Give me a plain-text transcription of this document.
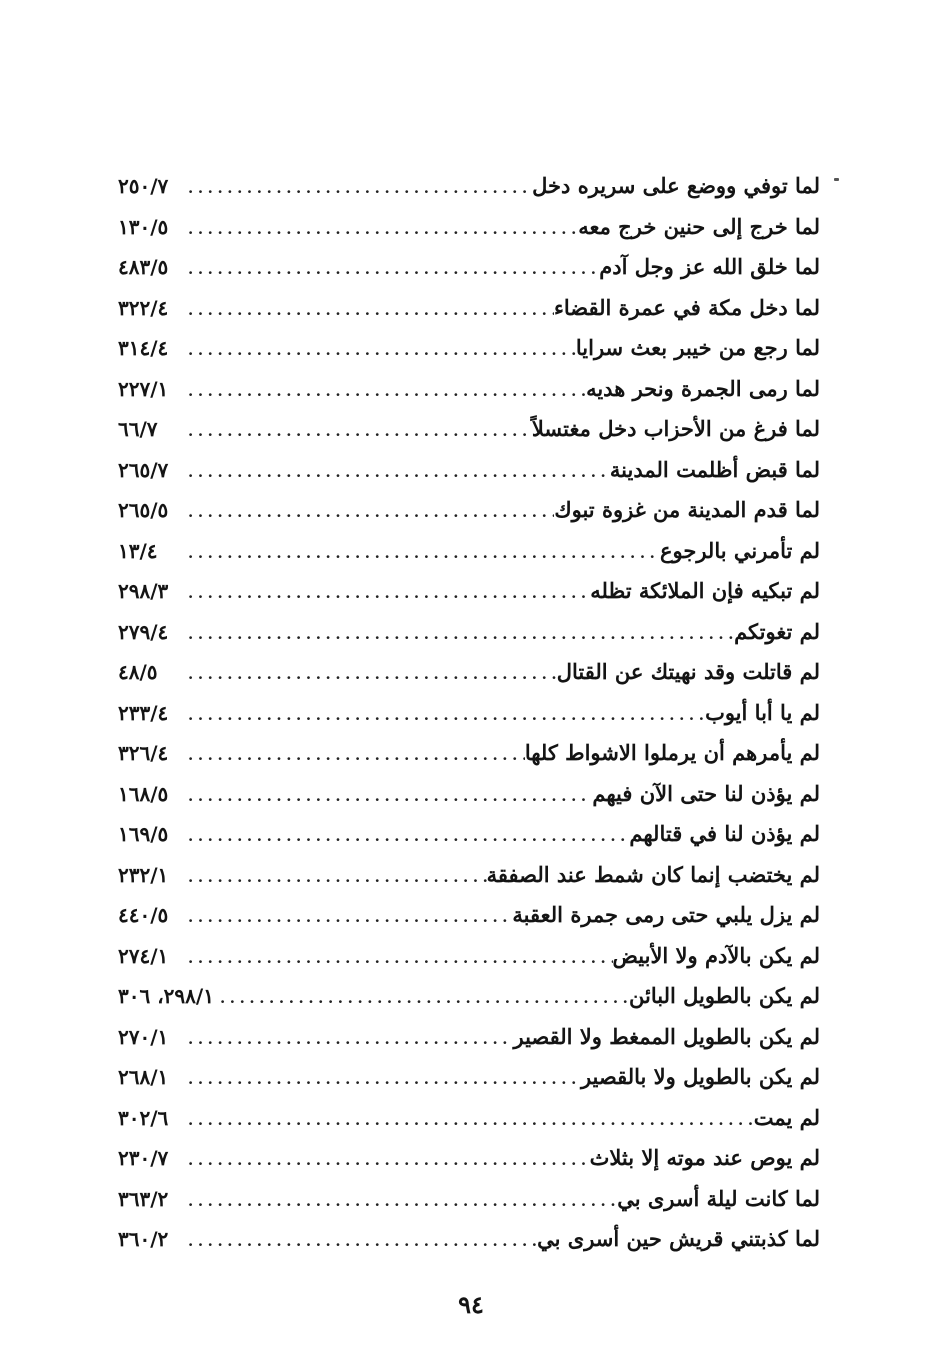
لما توفي ووضع على سريره دخل
.....
٢٥٠/٧
لما خرج إلى حنين خرج معه
.....
١٣٠/٥
لما خلق الله عز وجل آدم
.....
٤٨٣/٥
لما دخل مكة في عمرة القضاء
.....
٣٢٢/٤
لما رجع من خيبر بعث سرايا
.....
٣١٤/٤
لما رمى الجمرة ونحر هديه
.....
٢٢٧/١
لما فرغ من الأحزاب دخل مغتسلاً
.....
٦٦/٧
لما قبض أظلمت المدينة
.....
٢٦٥/٧
لما قدم المدينة من غزوة تبوك
.....
٢٦٥/٥
لم تأمرني بالرجوع
.....
١٣/٤
لم تبكيه فإن الملائكة تظله
.....
٢٩٨/٣
لم تغوتكم
.....
٢٧٩/٤
لم قاتلت وقد نهيتك عن القتال
.....
٤٨/٥
لم يا أبا أيوب
.....
٢٣٣/٤
لم يأمرهم أن يرملوا الاشواط كلها
.....
٣٢٦/٤
لم يؤذن لنا حتى الآن فيهم
.....
١٦٨/٥
لم يؤذن لنا في قتالهم
.....
١٦٩/٥
لم يختضب إنما كان شمط عند الصفقة
.....
٢٣٢/١
لم يزل يلبي حتى رمى جمرة العقبة
.....
٤٤٠/٥
لم يكن بالآدم ولا الأبيض
.....
٢٧٤/١
لم يكن بالطويل البائن
.....
٢٩٨/١، ٣٠٦
لم يكن بالطويل الممغط ولا القصير
.....
٢٧٠/١
لم يكن بالطويل ولا بالقصير
.....
٢٦٨/١
لم يمت
.....
٣٠٢/٦
لم يوص عند موته إلا بثلاث
.....
٢٣٠/٧
لما كانت ليلة أسرى بي
.....
٣٦٣/٢
لما كذبتني قريش حين أسرى بي
.....
٣٦٠/٢
٩٤
